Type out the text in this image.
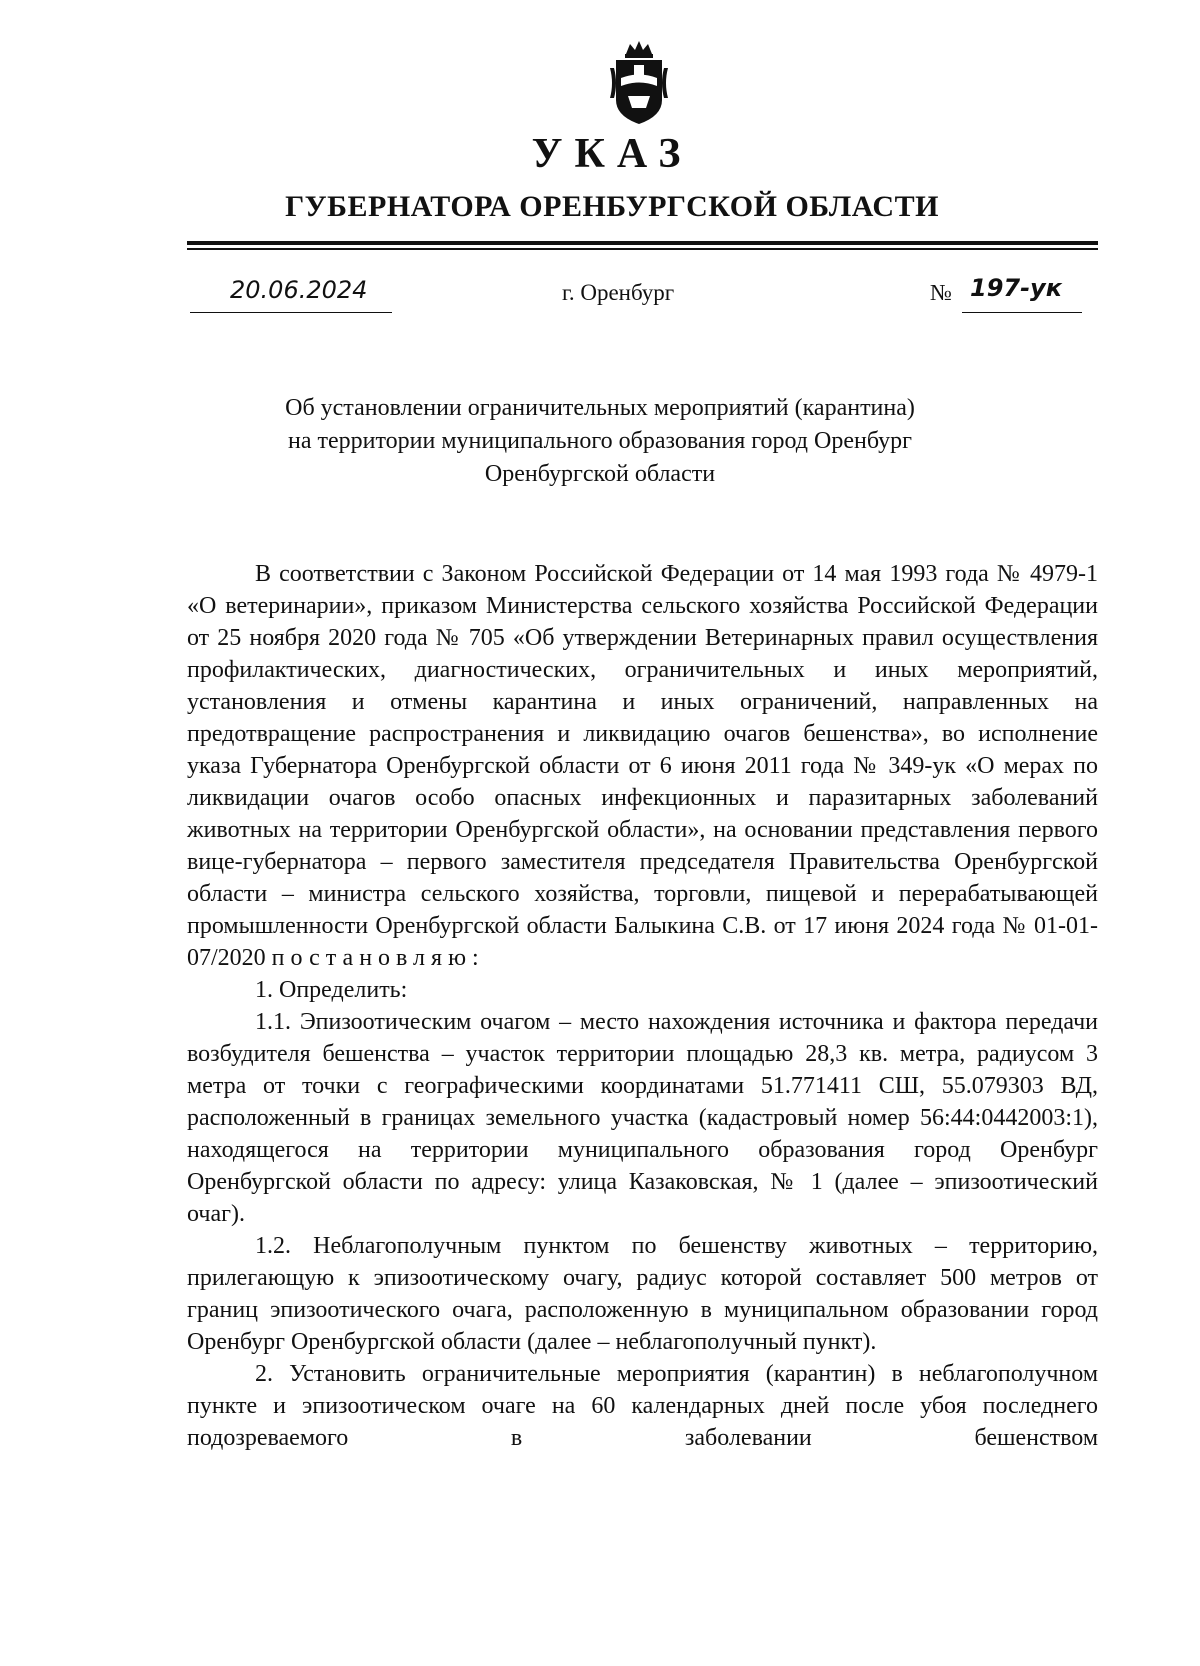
УКАЗ
ГУБЕРНАТОРА ОРЕНБУРГСКОЙ ОБЛАСТИ
20.06.2024	г. Оренбург	№ 197-ук
Об установлении ограничительных мероприятий (карантина)
на территории муниципального образования город Оренбург
Оренбургской области

В соответствии с Законом Российской Федерации от 14 мая 1993 года № 4979-1 «О ветеринарии», приказом Министерства сельского хозяйства Российской Федерации от 25 ноября 2020 года № 705 «Об утверждении Ветеринарных правил осуществления профилактических, диагностических, ограничительных и иных мероприятий, установления и отмены карантина и иных ограничений, направленных на предотвращение распространения и ликвидацию очагов бешенства», во исполнение указа Губернатора Оренбургской области от 6 июня 2011 года № 349-ук «О мерах по ликвидации очагов особо опасных инфекционных и паразитарных заболеваний животных на территории Оренбургской области», на основании представления первого вице-губернатора – первого заместителя председателя Правительства Оренбургской области – министра сельского хозяйства, торговли, пищевой и перерабатывающей промышленности Оренбургской области Балыкина С.В. от 17 июня 2024 года № 01-01-07/2020 постановляю:

1. Определить:

1.1. Эпизоотическим очагом – место нахождения источника и фактора передачи возбудителя бешенства – участок территории площадью 28,3 кв. метра, радиусом 3 метра от точки с географическими координатами 51.771411 СШ, 55.079303 ВД, расположенный в границах земельного участка (кадастровый номер 56:44:0442003:1), находящегося на территории муниципального образования город Оренбург Оренбургской области по адресу: улица Казаковская, № 1 (далее – эпизоотический очаг).

1.2. Неблагополучным пунктом по бешенству животных – территорию, прилегающую к эпизоотическому очагу, радиус которой составляет 500 метров от границ эпизоотического очага, расположенную в муниципальном образовании город Оренбург Оренбургской области (далее – неблагополучный пункт).

2. Установить ограничительные мероприятия (карантин) в неблагополучном пункте и эпизоотическом очаге на 60 календарных дней после убоя последнего подозреваемого в заболевании бешенством
